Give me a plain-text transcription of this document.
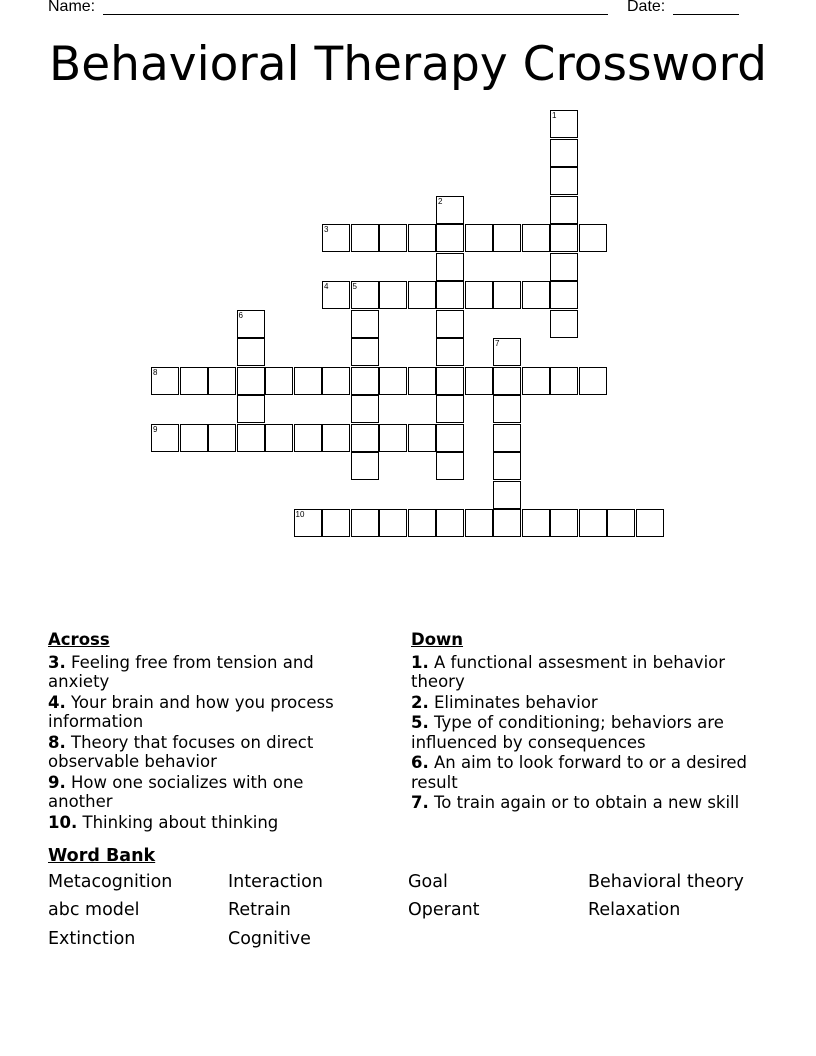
Name:	Date:
Behavioral Therapy Crossword
1
2
3
4	5
6
7
8
9
10
Across
3. Feeling free from tension and anxiety
4. Your brain and how you process information
8. Theory that focuses on direct observable behavior
9. How one socializes with one another
10. Thinking about thinking
Down
1. A functional assesment in behavior theory
2. Eliminates behavior
5. Type of conditioning; behaviors are influenced by consequences
6. An aim to look forward to or a desired result
7. To train again or to obtain a new skill
Word Bank
Metacognition	Interaction	Goal	Behavioral theory
abc model	Retrain	Operant	Relaxation
Extinction	Cognitive
